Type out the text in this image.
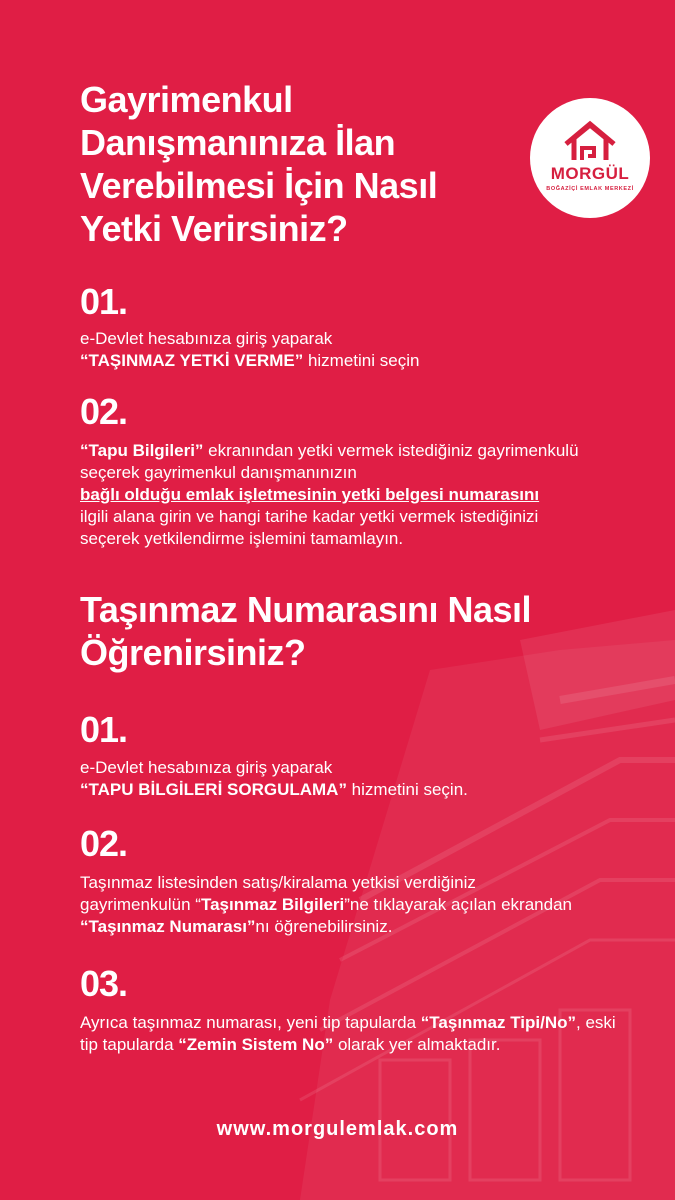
Gayrimenkul Danışmanınıza İlan Verebilmesi İçin Nasıl Yetki Verirsiniz?
MORGÜL
BOĞAZİÇİ EMLAK MERKEZİ
01.
e-Devlet hesabınıza giriş yaparak
“TAŞINMAZ YETKİ VERME” hizmetini seçin
02.
“Tapu Bilgileri” ekranından yetki vermek istediğiniz gayrimenkulü seçerek gayrimenkul danışmanınızın
bağlı olduğu emlak işletmesinin yetki belgesi numarasını
ilgili alana girin ve hangi tarihe kadar yetki vermek istediğinizi seçerek yetkilendirme işlemini tamamlayın.
Taşınmaz Numarasını Nasıl Öğrenirsiniz?
01.
e-Devlet hesabınıza giriş yaparak
“TAPU BİLGİLERİ SORGULAMA” hizmetini seçin.
02.
Taşınmaz listesinden satış/kiralama yetkisi verdiğiniz gayrimenkulün “Taşınmaz Bilgileri”ne tıklayarak açılan ekrandan “Taşınmaz Numarası”nı öğrenebilirsiniz.
03.
Ayrıca taşınmaz numarası, yeni tip tapularda “Taşınmaz Tipi/No”, eski tip tapularda “Zemin Sistem No” olarak yer almaktadır.
www.morgulemlak.com
